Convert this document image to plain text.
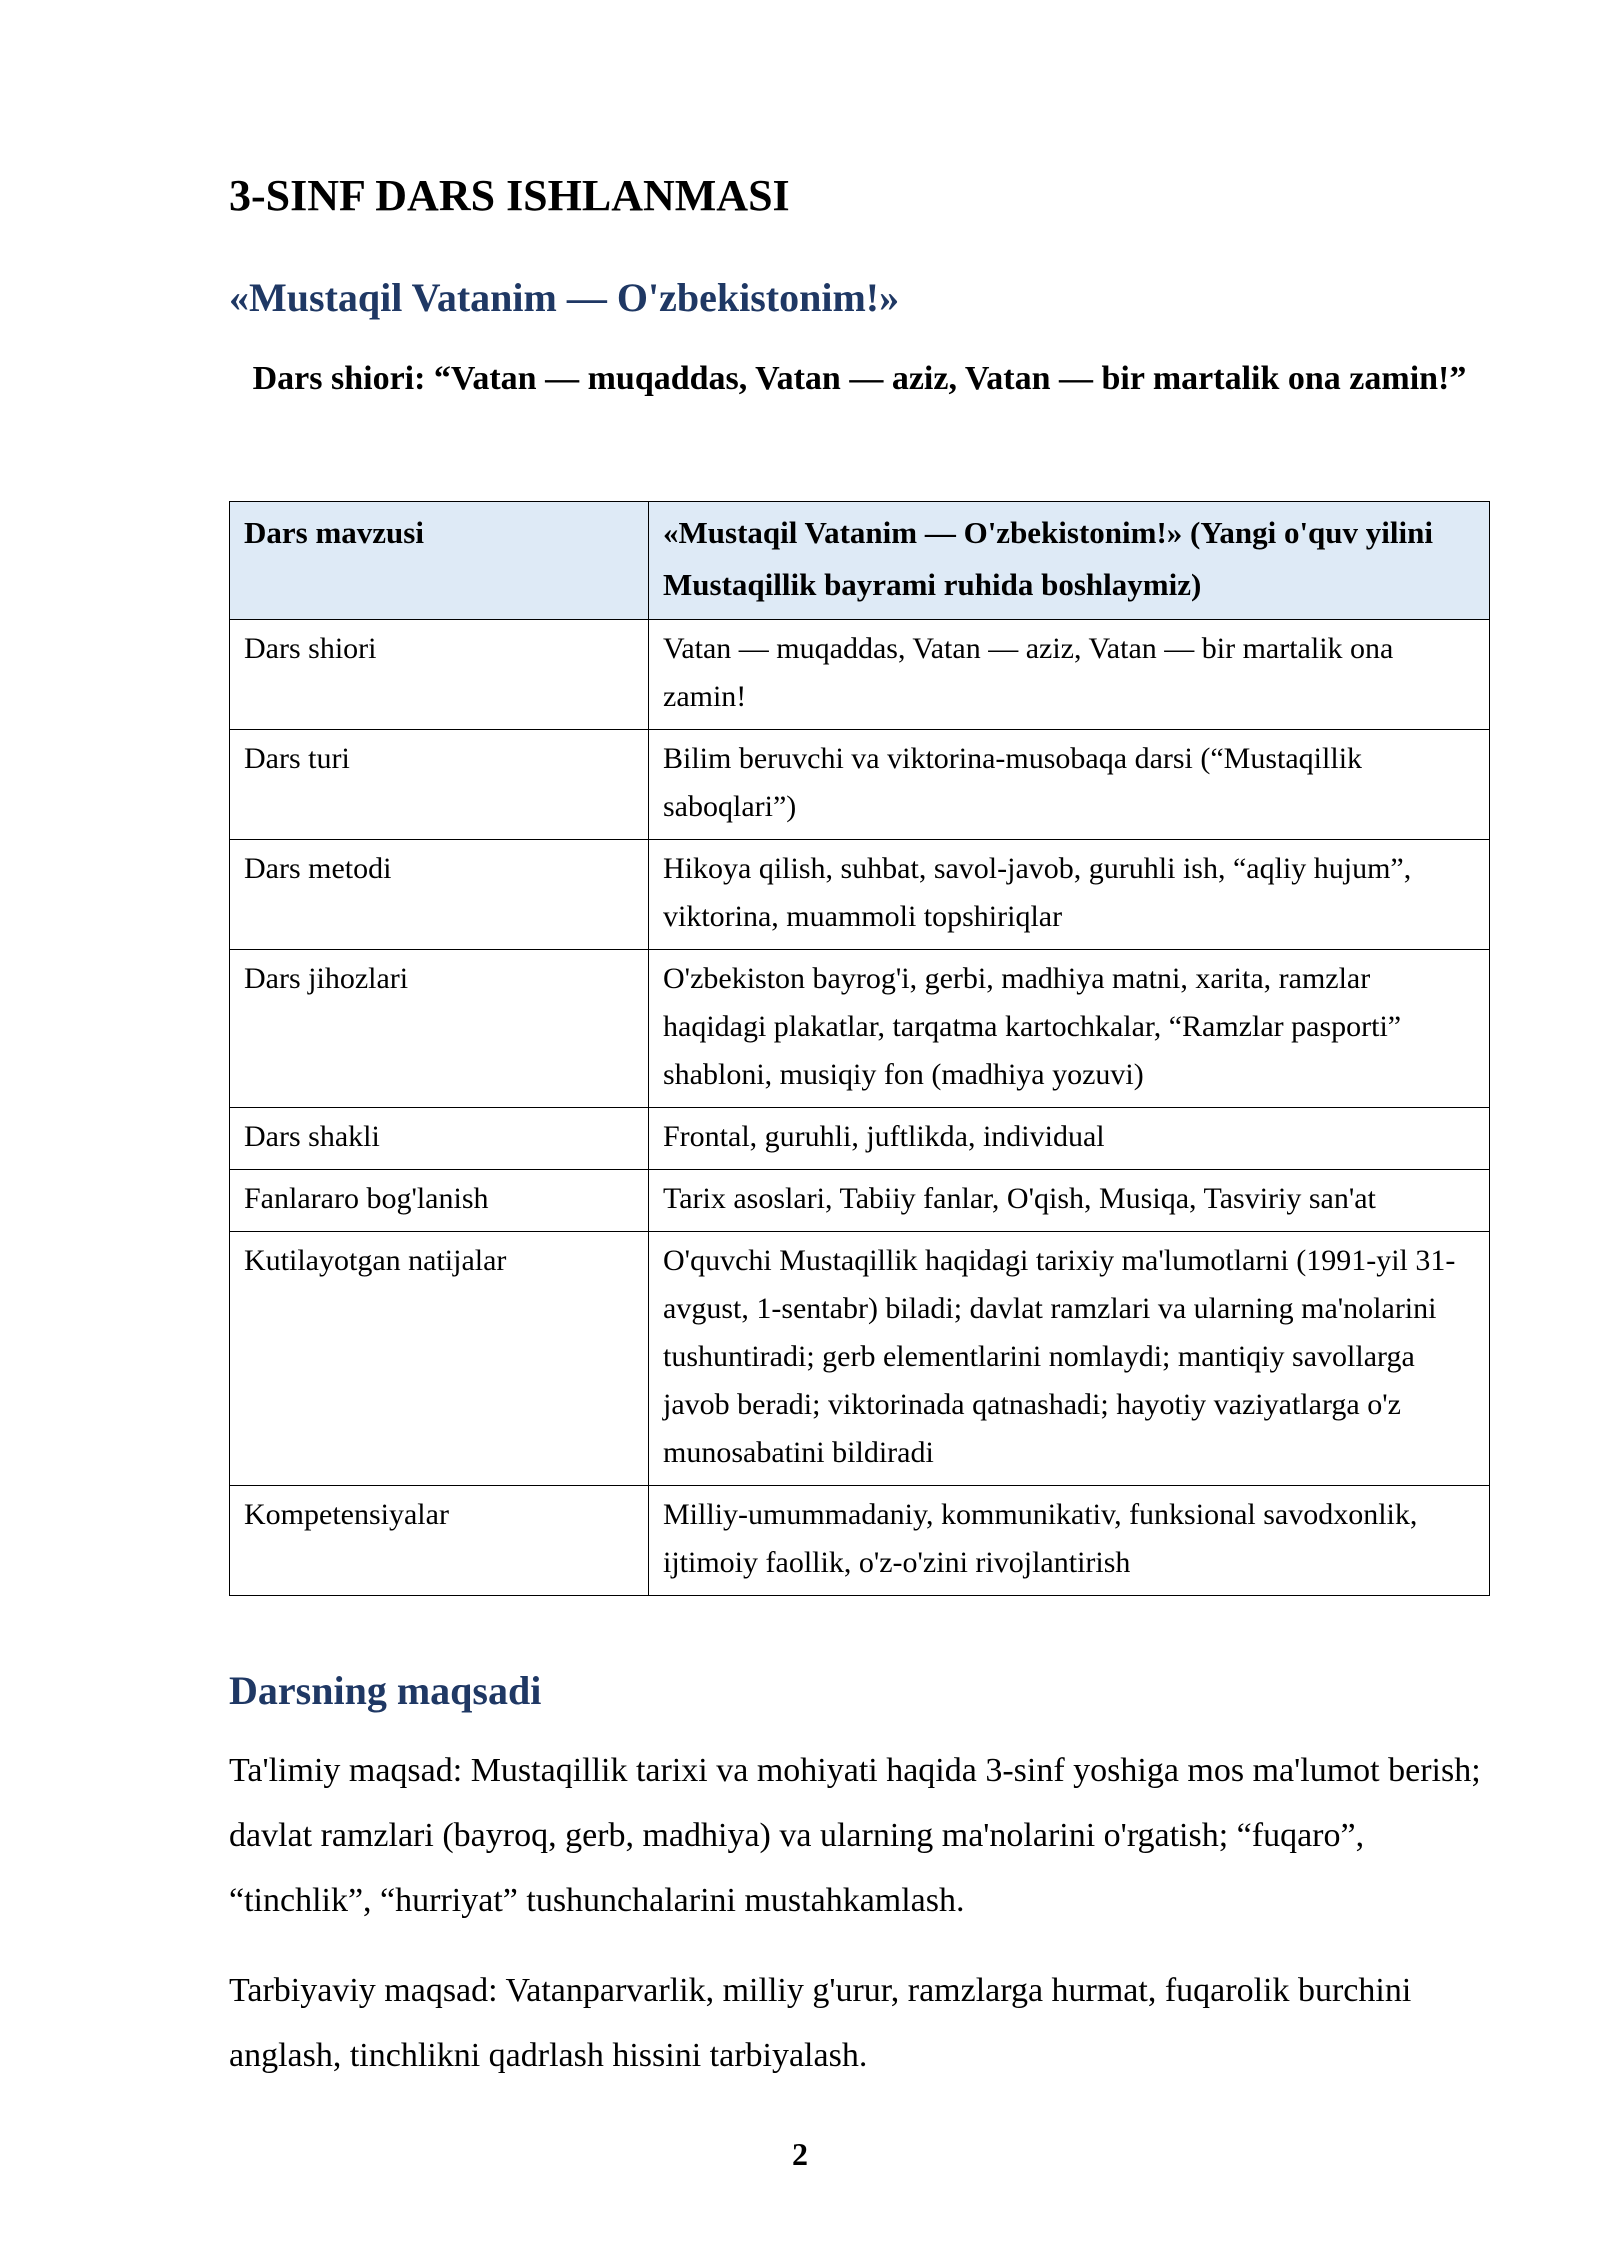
3-SINF DARS ISHLANMASI
«Mustaqil Vatanim — O'zbekistonim!»

Dars shiori: “Vatan — muqaddas, Vatan — aziz, Vatan — bir martalik ona zamin!”

Dars mavzusi	«Mustaqil Vatanim — O'zbekistonim!» (Yangi o'quv yilini Mustaqillik bayrami ruhida boshlaymiz)
Dars shiori	Vatan — muqaddas, Vatan — aziz, Vatan — bir martalik ona zamin!
Dars turi	Bilim beruvchi va viktorina-musobaqa darsi (“Mustaqillik saboqlari”)
Dars metodi	Hikoya qilish, suhbat, savol-javob, guruhli ish, “aqliy hujum”, viktorina, muammoli topshiriqlar
Dars jihozlari	O'zbekiston bayrog'i, gerbi, madhiya matni, xarita, ramzlar haqidagi plakatlar, tarqatma kartochkalar, “Ramzlar pasporti” shabloni, musiqiy fon (madhiya yozuvi)
Dars shakli	Frontal, guruhli, juftlikda, individual
Fanlararo bog'lanish	Tarix asoslari, Tabiiy fanlar, O'qish, Musiqa, Tasviriy san'at
Kutilayotgan natijalar	O'quvchi Mustaqillik haqidagi tarixiy ma'lumotlarni (1991-yil 31-avgust, 1-sentabr) biladi; davlat ramzlari va ularning ma'nolarini tushuntiradi; gerb elementlarini nomlaydi; mantiqiy savollarga javob beradi; viktorinada qatnashadi; hayotiy vaziyatlarga o'z munosabatini bildiradi
Kompetensiyalar	Milliy-umummadaniy, kommunikativ, funksional savodxonlik, ijtimoiy faollik, o'z-o'zini rivojlantirish
Darsning maqsadi

Ta'limiy maqsad: Mustaqillik tarixi va mohiyati haqida 3-sinf yoshiga mos ma'lumot berish; davlat ramzlari (bayroq, gerb, madhiya) va ularning ma'nolarini o'rgatish; “fuqaro”, “tinchlik”, “hurriyat” tushunchalarini mustahkamlash.

Tarbiyaviy maqsad: Vatanparvarlik, milliy g'urur, ramzlarga hurmat, fuqarolik burchini anglash, tinchlikni qadrlash hissini tarbiyalash.

2
